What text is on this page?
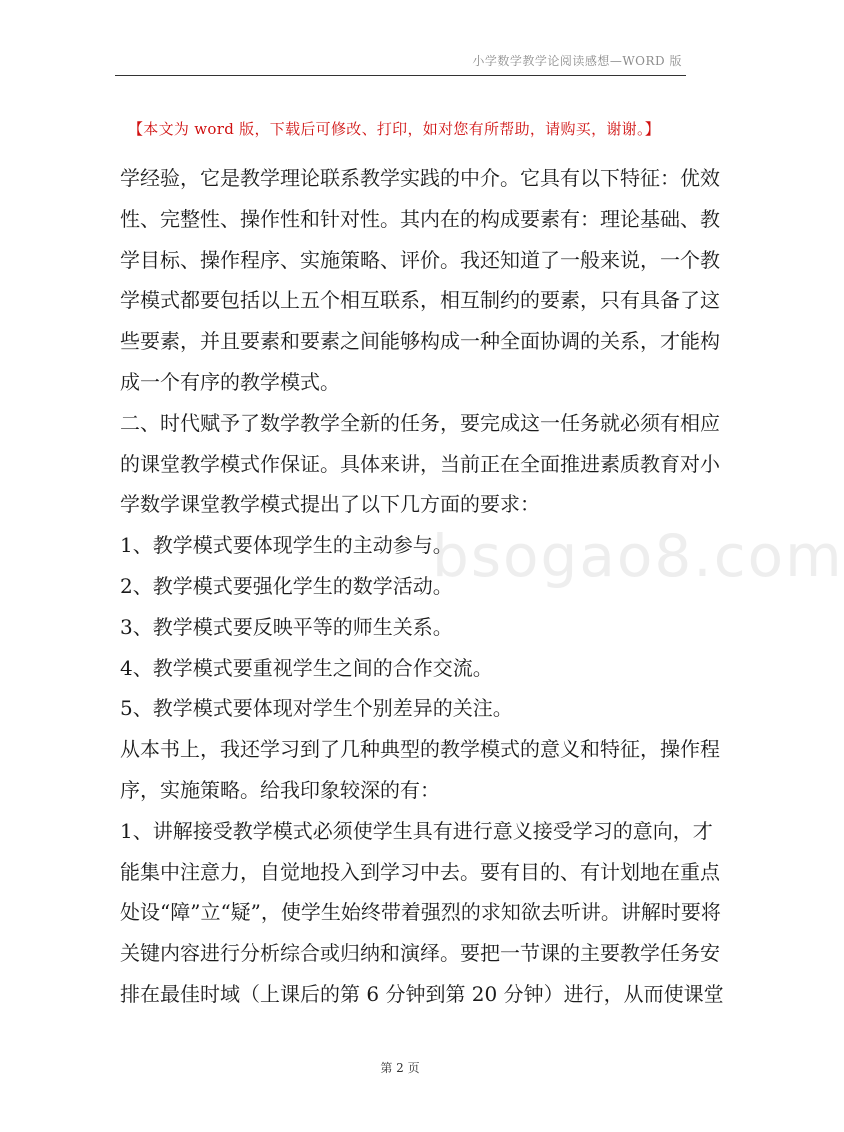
小学数学教学论阅读感想—WORD 版
【本文为 word 版，下载后可修改、打印，如对您有所帮助，请购买，谢谢。】
bsogao8.com
学经验，它是教学理论联系教学实践的中介。它具有以下特征：优效
性、完整性、操作性和针对性。其内在的构成要素有：理论基础、教
学目标、操作程序、实施策略、评价。我还知道了一般来说，一个教
学模式都要包括以上五个相互联系，相互制约的要素，只有具备了这
些要素，并且要素和要素之间能够构成一种全面协调的关系，才能构
成一个有序的教学模式。
二、时代赋予了数学教学全新的任务，要完成这一任务就必须有相应
的课堂教学模式作保证。具体来讲，当前正在全面推进素质教育对小
学数学课堂教学模式提出了以下几方面的要求：
1、教学模式要体现学生的主动参与。
2、教学模式要强化学生的数学活动。
3、教学模式要反映平等的师生关系。
4、教学模式要重视学生之间的合作交流。
5、教学模式要体现对学生个别差异的关注。
从本书上，我还学习到了几种典型的教学模式的意义和特征，操作程
序，实施策略。给我印象较深的有：
1、讲解接受教学模式必须使学生具有进行意义接受学习的意向，才
能集中注意力，自觉地投入到学习中去。要有目的、有计划地在重点
处设“障”立“疑”，使学生始终带着强烈的求知欲去听讲。讲解时要将
关键内容进行分析综合或归纳和演绎。要把一节课的主要教学任务安
排在最佳时域（上课后的第 6 分钟到第 20 分钟）进行，从而使课堂
第 2 页
